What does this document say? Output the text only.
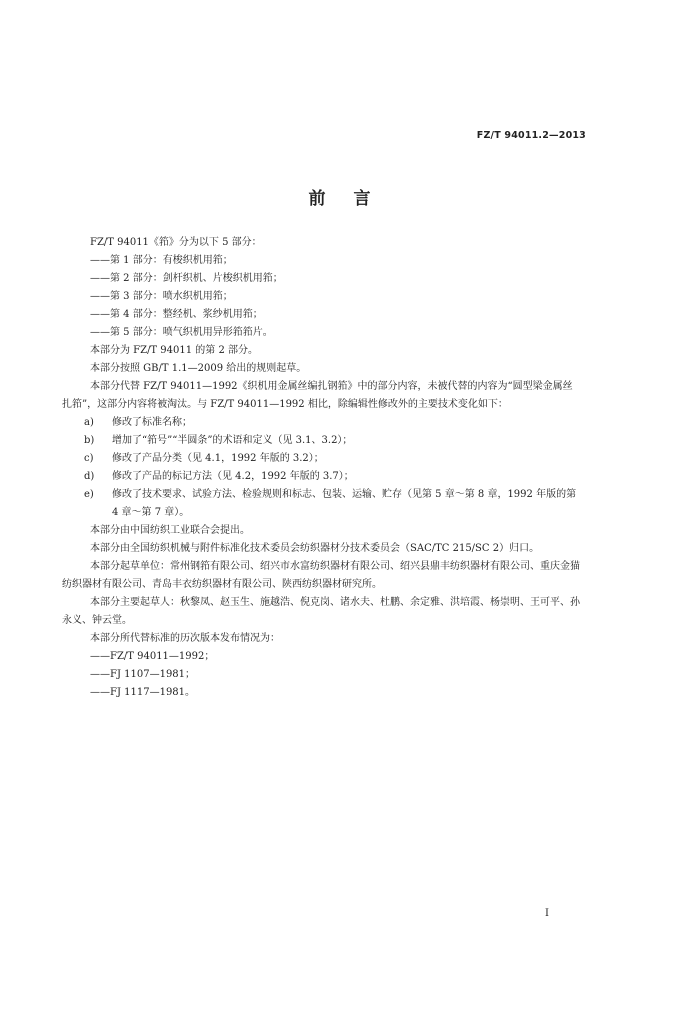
FZ/T 94011.2—2013
前言

FZ/T 94011《筘》分为以下 5 部分：

——第 1 部分：有梭织机用筘；

——第 2 部分：剑杆织机、片梭织机用筘；

——第 3 部分：喷水织机用筘；

——第 4 部分：整经机、浆纱机用筘；

——第 5 部分：喷气织机用异形筘筘片。

本部分为 FZ/T 94011 的第 2 部分。

本部分按照 GB/T 1.1—2009 给出的规则起草。

本部分代替 FZ/T 94011—1992《织机用金属丝编扎钢筘》中的部分内容，未被代替的内容为“圆型梁金属丝扎筘”，这部分内容将被淘汰。与 FZ/T 94011—1992 相比，除编辑性修改外的主要技术变化如下：

a)	修改了标准名称；
b)	增加了“筘号”“半圆条”的术语和定义（见 3.1、3.2）；
c)	修改了产品分类（见 4.1，1992 年版的 3.2）；
d)	修改了产品的标记方法（见 4.2，1992 年版的 3.7）；
e)	修改了技术要求、试验方法、检验规则和标志、包装、运输、贮存（见第 5 章～第 8 章，1992 年版的第 4 章～第 7 章）。

本部分由中国纺织工业联合会提出。

本部分由全国纺织机械与附件标准化技术委员会纺织器材分技术委员会（SAC/TC 215/SC 2）归口。

本部分起草单位：常州钢筘有限公司、绍兴市水富纺织器材有限公司、绍兴县鼎丰纺织器材有限公司、重庆金猫纺织器材有限公司、青岛丰衣纺织器材有限公司、陕西纺织器材研究所。

本部分主要起草人：秋黎凤、赵玉生、施越浩、倪克岗、诸水夫、杜鹏、余定雅、洪培霞、杨崇明、王可平、孙永义、钟云堂。

本部分所代替标准的历次版本发布情况为：

——FZ/T 94011—1992；

——FJ 1107—1981；

——FJ 1117—1981。

I
